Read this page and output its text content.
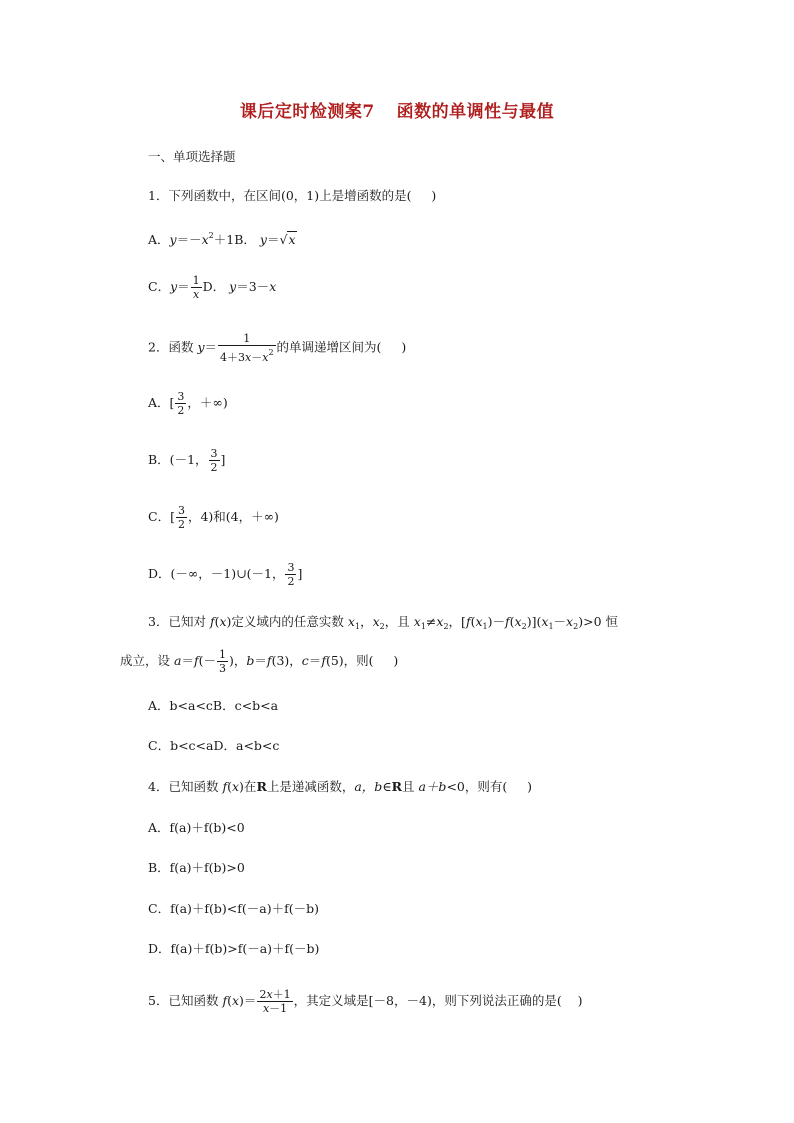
课后定时检测案7 函数的单调性与最值
一、单项选择题
1．下列函数中，在区间(0，1)上是增函数的是( )
A．$y=-x^2+1B$． y＝√x
C．$y= \frac{1}{x}$ D． y＝3－x
2．函数 $y= \frac{1}{4+3x-x^2}$ 的单调递增区间为( )
A．[ $\frac{3}{2}$ ，＋∞)
B．(－1， $\frac{3}{2}$ ]
C．[ $\frac{3}{2}$ ，4)和(4，＋∞)
D．(－∞，－1)∪(－1， $\frac{3}{2}$ ]
3．已知对 f(x)定义域内的任意实数 $x_1$，$x_2$，且 $x_1\ne x_2$，$[f(x_1)-f(x_2)](x_1-x_2)>0$ 恒
成立，设 $a=f(- \frac{1}{3}$ )，b＝f(3)，c＝f(5)，则( )
A．b<a<cB．c<b<a
C．b<c<aD．a<b<c
4．已知函数 f(x)在R上是递减函数，a，b∈R且 a＋b<0，则有( )
A．f(a)＋f(b)<0
B．f(a)＋f(b)>0
C．f(a)＋f(b)<f(－a)＋f(－b)
D．f(a)＋f(b)>f(－a)＋f(－b)
5．已知函数 $f(x)= \frac{2x+1}{x-1}$ ，其定义域是[－8，－4)，则下列说法正确的是( )
